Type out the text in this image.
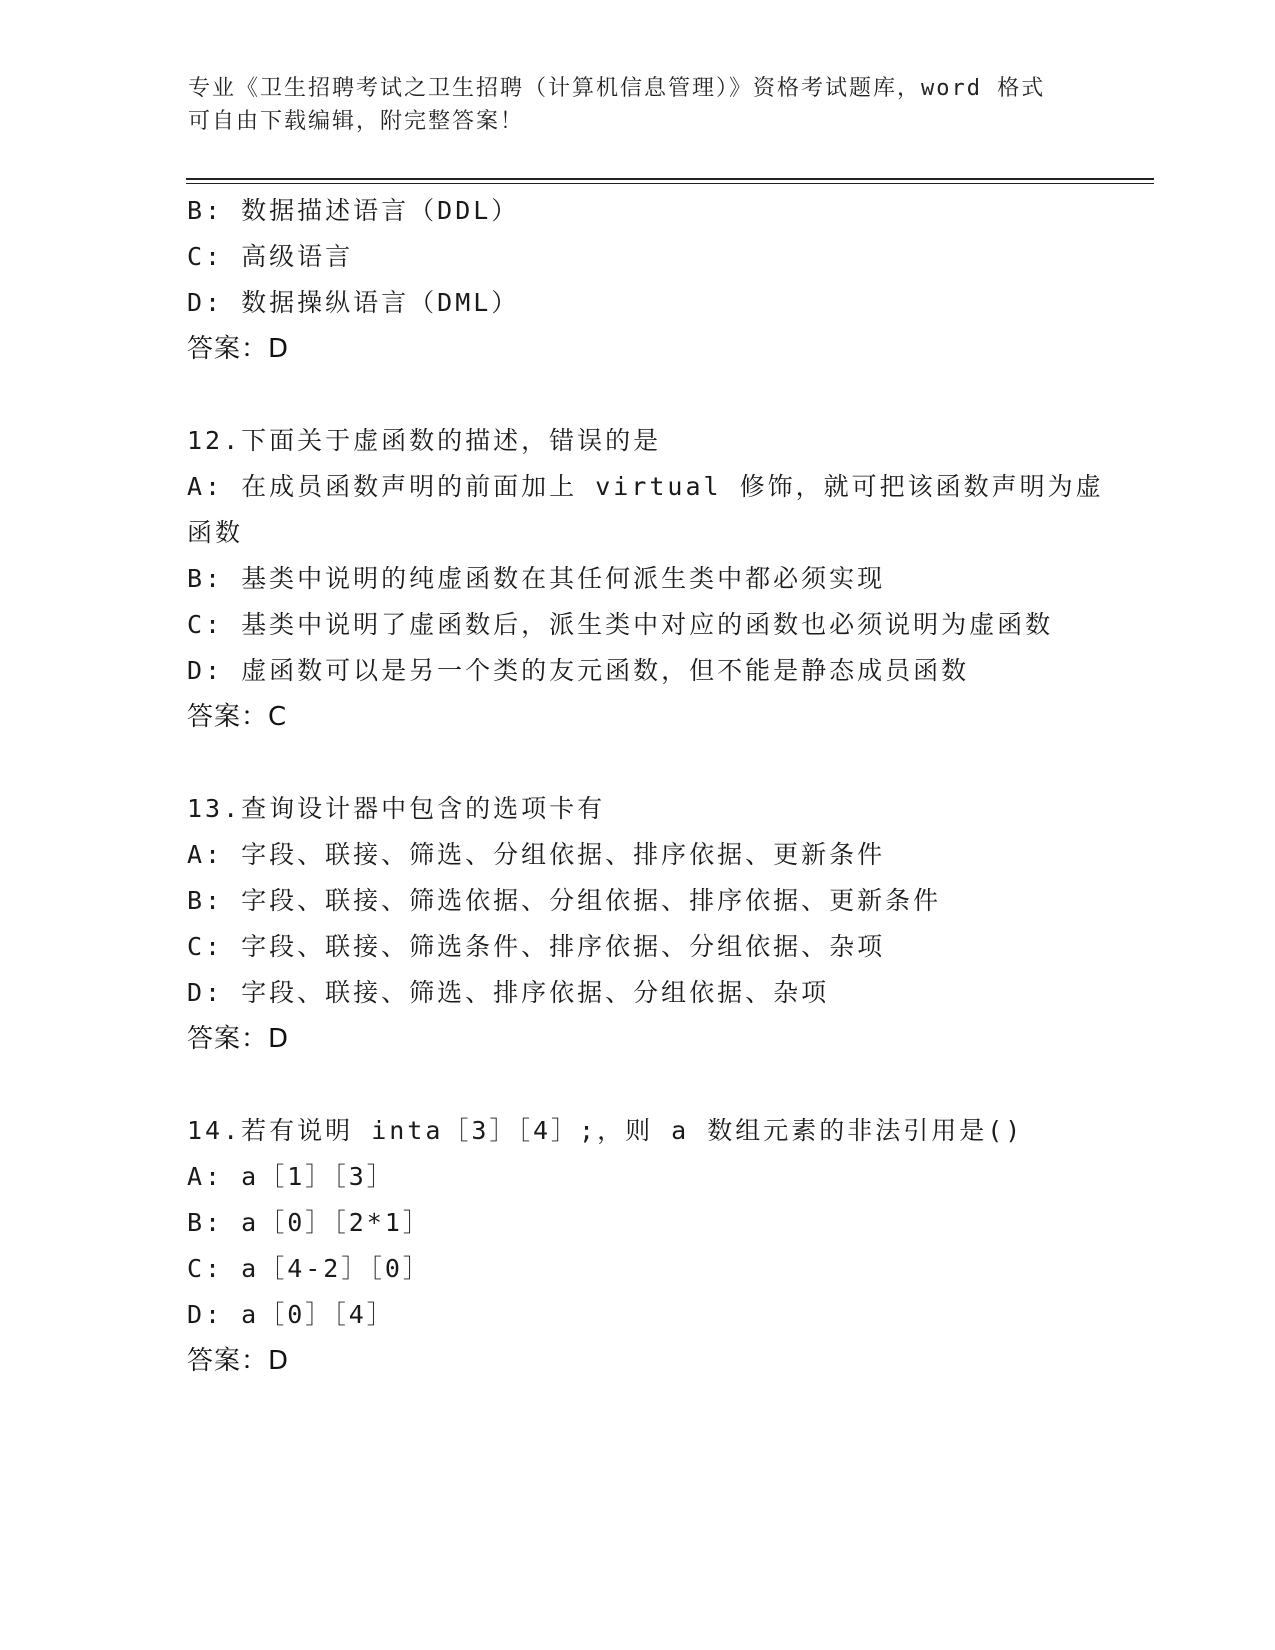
专业《卫生招聘考试之卫生招聘（计算机信息管理）》资格考试题库，word 格式
可自由下载编辑，附完整答案！
B: 数据描述语言（DDL）
C: 高级语言
D: 数据操纵语言（DML）
答案：D
12.下面关于虚函数的描述，错误的是
A: 在成员函数声明的前面加上 virtual 修饰，就可把该函数声明为虚
函数
B: 基类中说明的纯虚函数在其任何派生类中都必须实现
C: 基类中说明了虚函数后，派生类中对应的函数也必须说明为虚函数
D: 虚函数可以是另一个类的友元函数，但不能是静态成员函数
答案：C
13.查询设计器中包含的选项卡有
A: 字段、联接、筛选、分组依据、排序依据、更新条件
B: 字段、联接、筛选依据、分组依据、排序依据、更新条件
C: 字段、联接、筛选条件、排序依据、分组依据、杂项
D: 字段、联接、筛选、排序依据、分组依据、杂项
答案：D
14.若有说明 inta［3］［4］;，则 a 数组元素的非法引用是()
A: a［1］［3］
B: a［0］［2*1］
C: a［4-2］［0］
D: a［0］［4］
答案：D
